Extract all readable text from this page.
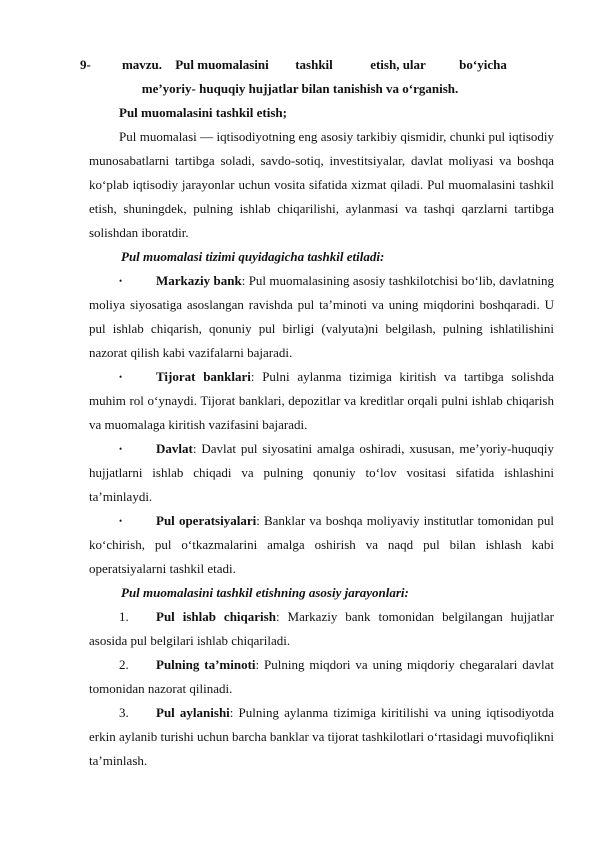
9- mavzu. Pul muomalasini tashkil	etish, ular	bo‘yicha
me’yoriy- huquqiy hujjatlar bilan tanishish va o‘rganish.
Pul muomalasini tashkil etish;
Pul muomalasi — iqtisodiyotning eng asosiy tarkibiy qismidir, chunki pul iqtisodiy munosabatlarni tartibga soladi, savdo-sotiq, investitsiyalar, davlat moliyasi va boshqa ko‘plab iqtisodiy jarayonlar uchun vosita sifatida xizmat qiladi. Pul muomalasini tashkil etish, shuningdek, pulning ishlab chiqarilishi, aylanmasi va tashqi qarzlarni tartibga solishdan iboratdir.
Pul muomalasi tizimi quyidagicha tashkil etiladi:
•	Markaziy bank: Pul muomalasining asosiy tashkilotchisi bo‘lib, davlatning moliya siyosatiga asoslangan ravishda pul ta’minoti va uning miqdorini boshqaradi. U pul ishlab chiqarish, qonuniy pul birligi (valyuta)ni belgilash, pulning ishlatilishini nazorat qilish kabi vazifalarni bajaradi.
•	Tijorat banklari: Pulni aylanma tizimiga kiritish va tartibga solishda muhim rol o‘ynaydi. Tijorat banklari, depozitlar va kreditlar orqali pulni ishlab chiqarish va muomalaga kiritish vazifasini bajaradi.
•	Davlat: Davlat pul siyosatini amalga oshiradi, xususan, me’yoriy-huquqiy hujjatlarni ishlab chiqadi va pulning qonuniy to‘lov vositasi sifatida ishlashini ta’minlaydi.
•	Pul operatsiyalari: Banklar va boshqa moliyaviy institutlar tomonidan pul ko‘chirish, pul o‘tkazmalarini amalga oshirish va naqd pul bilan ishlash kabi operatsiyalarni tashkil etadi.
Pul muomalasini tashkil etishning asosiy jarayonlari:
1.	Pul ishlab chiqarish: Markaziy bank tomonidan belgilangan hujjatlar asosida pul belgilari ishlab chiqariladi.
2.	Pulning ta’minoti: Pulning miqdori va uning miqdoriy chegaralari davlat tomonidan nazorat qilinadi.
3.	Pul aylanishi: Pulning aylanma tizimiga kiritilishi va uning iqtisodiyotda erkin aylanib turishi uchun barcha banklar va tijorat tashkilotlari o‘rtasidagi muvofiqlikni ta’minlash.
